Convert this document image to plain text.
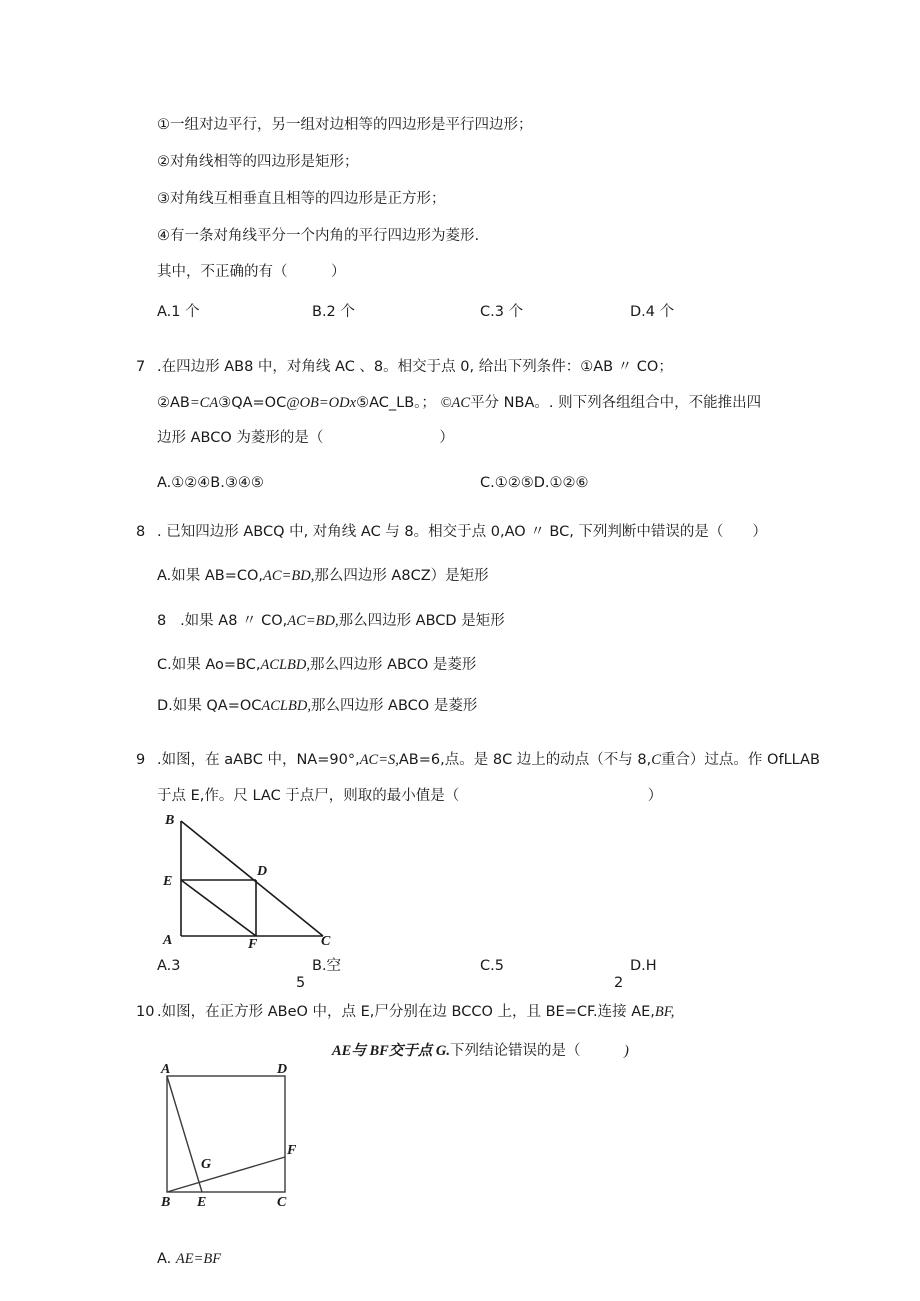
①一组对边平行，另一组对边相等的四边形是平行四边形；
②对角线相等的四边形是矩形；
③对角线互相垂直且相等的四边形是正方形；
④有一条对角线平分一个内角的平行四边形为菱形.
其中，不正确的有（　　　）
A.1 个	B.2 个	C.3 个	D.4 个
7 .在四边形 AB8 中，对角线 AC 、8。相交于点 0, 给出下列条件：①AB 〃 CO；
②AB=CA③QA=OC@OB=ODx⑤AC_LB。； ©AC平分 NBA。. 则下列各组组合中，不能推出四
边形 ABCO 为菱形的是（　　　　　　　　）
A.①②④B.③④⑤	C.①②⑤D.①②⑥
8 . 已知四边形 ABCQ 中, 对角线 AC 与 8。相交于点 0,AO 〃 BC, 下列判断中错误的是（　　）
A.如果 AB=CO,AC=BD,那么四边形 A8CZ）是矩形
8 .如果 A8 〃 CO,AC=BD,那么四边形 ABCD 是矩形
C.如果 Ao=BC,ACLBD,那么四边形 ABCO 是菱形
D.如果 QA=OCACLBD,那么四边形 ABCO 是菱形
9 .如图，在 aABC 中，NA=90°,AC=S,AB=6,点。是 8C 边上的动点（不与 8,C重合）过点。作 OfLLAB
于点 E,作。尺 LAC 于点尸，则取的最小值是（　　　　　　　　　　　　　）
B
E
D
A	F	C
A.3	B.空
5
C.5	D.H
2
10 .如图，在正方形 ABeO 中，点 E,尸分别在边 BCCO 上，且 BE=CF.连接 AE,BF,
AE与 BF交于点 G.下列结论错误的是（　　　)
A	D
F
G
B E	C
A. AE=BF
